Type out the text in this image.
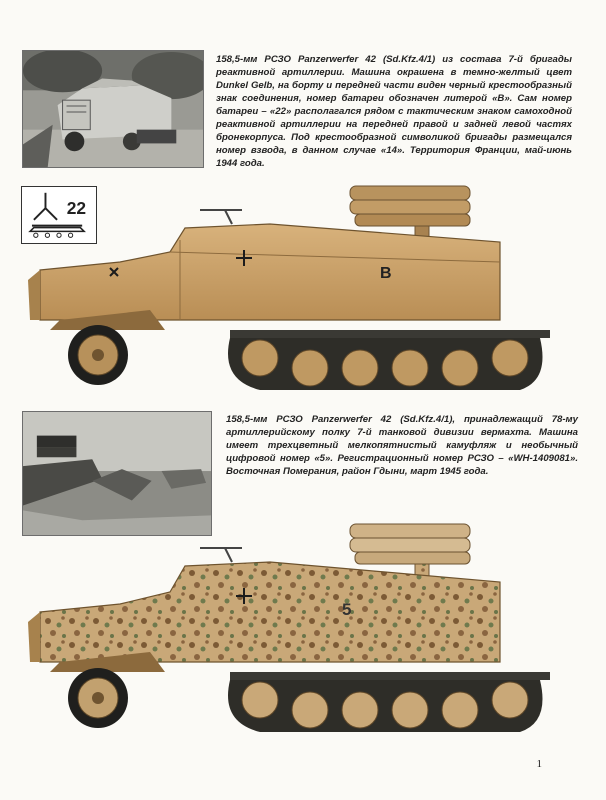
158,5-мм РСЗО Panzerwerfer 42 (Sd.Kfz.4/1) из состава 7-й бригады реактивной артиллерии. Машина окрашена в темно-желтый цвет Dunkel Gelb, на борту и передней части виден черный крестообразный знак соединения, номер батареи обозначен литерой «В». Сам номер батареи – «22» располагался рядом с тактическим знаком самоходной реактивной артиллерии на передней правой и задней левой частях бронекорпуса. Под крестообразной символикой бригады размещался номер взвода, в данном случае «14». Территория Франции, май-июнь 1944 года.

22
B

158,5-мм РСЗО Panzerwerfer 42 (Sd.Kfz.4/1), принадлежащий 78-му артиллерийскому полку 7-й танковой дивизии вермахта. Машина имеет трехцветный мелкопятнистый камуфляж и необычный цифровой номер «5». Регистрационный номер РСЗО – «WH-1409081». Восточная Померания, район Гдыни, март 1945 года.

5
1
